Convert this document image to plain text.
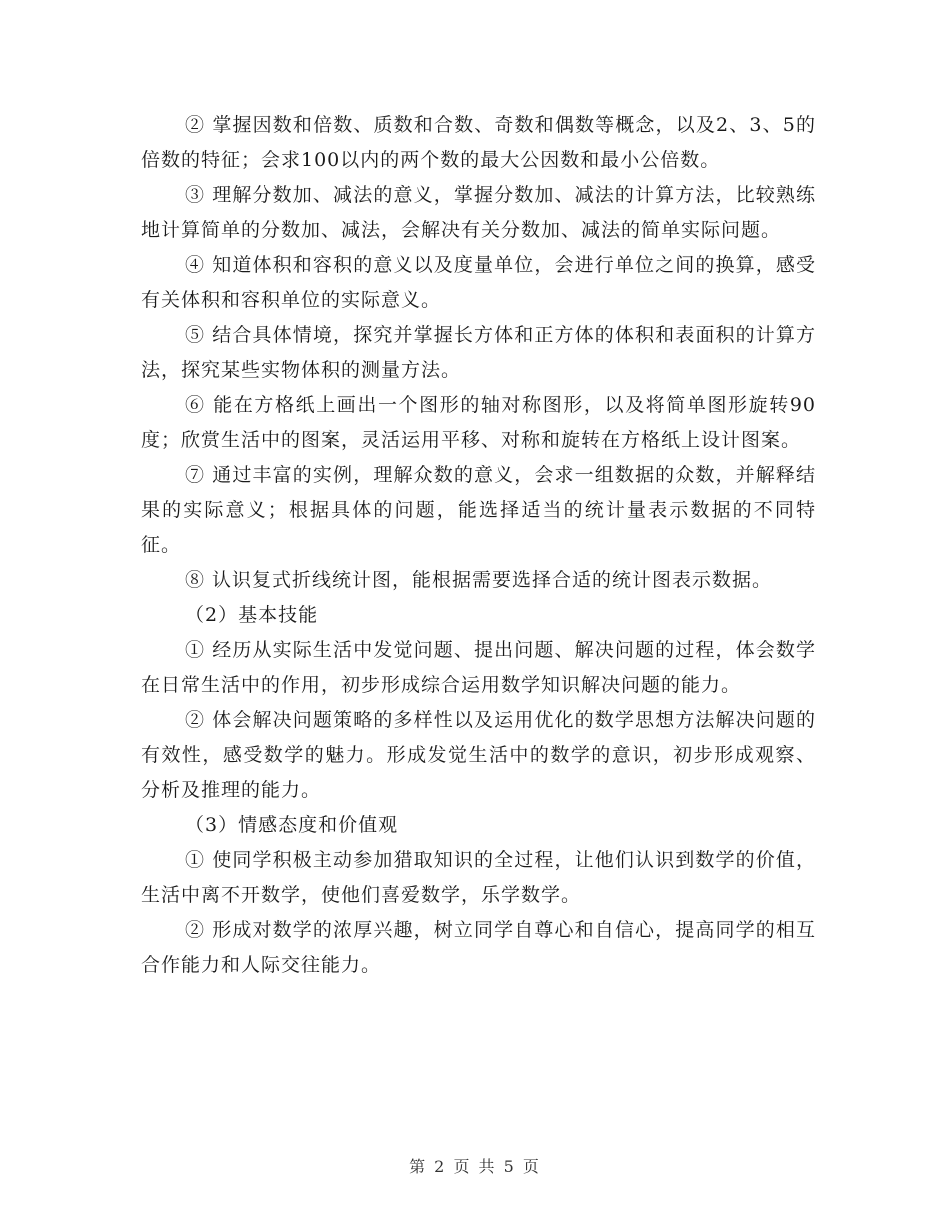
② 掌握因数和倍数、质数和合数、奇数和偶数等概念，以及2、3、5的倍数的特征；会求100以内的两个数的最大公因数和最小公倍数。

③ 理解分数加、减法的意义，掌握分数加、减法的计算方法，比较熟练地计算简单的分数加、减法，会解决有关分数加、减法的简单实际问题。

④ 知道体积和容积的意义以及度量单位，会进行单位之间的换算，感受有关体积和容积单位的实际意义。

⑤ 结合具体情境，探究并掌握长方体和正方体的体积和表面积的计算方法，探究某些实物体积的测量方法。

⑥ 能在方格纸上画出一个图形的轴对称图形，以及将简单图形旋转90度；欣赏生活中的图案，灵活运用平移、对称和旋转在方格纸上设计图案。

⑦ 通过丰富的实例，理解众数的意义，会求一组数据的众数，并解释结果的实际意义；根据具体的问题，能选择适当的统计量表示数据的不同特征。

⑧ 认识复式折线统计图，能根据需要选择合适的统计图表示数据。

（2）基本技能

① 经历从实际生活中发觉问题、提出问题、解决问题的过程，体会数学在日常生活中的作用，初步形成综合运用数学知识解决问题的能力。

② 体会解决问题策略的多样性以及运用优化的数学思想方法解决问题的有效性，感受数学的魅力。形成发觉生活中的数学的意识，初步形成观察、分析及推理的能力。

（3）情感态度和价值观

① 使同学积极主动参加猎取知识的全过程，让他们认识到数学的价值，生活中离不开数学，使他们喜爱数学，乐学数学。

② 形成对数学的浓厚兴趣，树立同学自尊心和自信心，提高同学的相互合作能力和人际交往能力。

第 2 页 共 5 页
